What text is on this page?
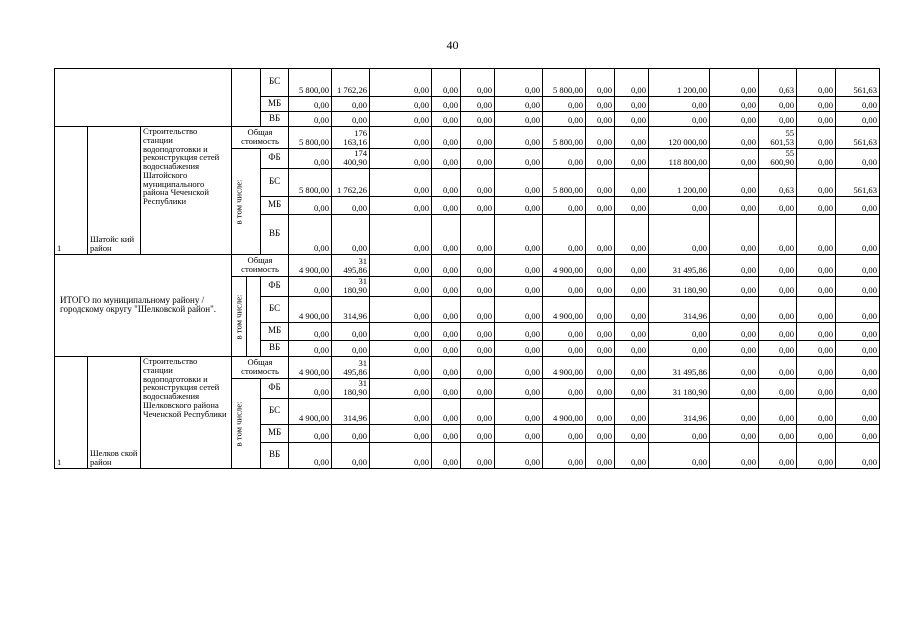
40
					БС	5 800,00	1 762,26	0,00	0,00	0,00	0,00	5 800,00	0,00	0,00	1 200,00	0,00	0,63	0,00	561,63
					МБ	0,00	0,00	0,00	0,00	0,00	0,00	0,00	0,00	0,00	0,00	0,00	0,00	0,00	0,00
					ВБ	0,00	0,00	0,00	0,00	0,00	0,00	0,00	0,00	0,00	0,00	0,00	0,00	0,00	0,00
1	Шатойс кий район	Строительство станции водоподготовки и реконструкция сетей водоснабжения Шатойского муниципального района Чеченской Республики	Общая стоимость			5 800,00	176 163,16	0,00	0,00	0,00	0,00	5 800,00	0,00	0,00	120 000,00	0,00	55 601,53	0,00	561,63

			в том числе:		ФБ	0,00	174 400,90	0,00	0,00	0,00	0,00	0,00	0,00	0,00	118 800,00	0,00	55 600,90	0,00	0,00
					БС	5 800,00	1 762,26	0,00	0,00	0,00	0,00	5 800,00	0,00	0,00	1 200,00	0,00	0,63	0,00	561,63
					МБ	0,00	0,00	0,00	0,00	0,00	0,00	0,00	0,00	0,00	0,00	0,00	0,00	0,00	0,00
					ВБ	0,00	0,00	0,00	0,00	0,00	0,00	0,00	0,00	0,00	0,00	0,00	0,00	0,00	0,00
ИТОГО по муниципальному району / городскому округу "Шелковской район".			Общая стоимость			4 900,00	31 495,86	0,00	0,00	0,00	0,00	4 900,00	0,00	0,00	31 495,86	0,00	0,00	0,00	0,00

			в том числе:		ФБ	0,00	31 180,90	0,00	0,00	0,00	0,00	0,00	0,00	0,00	31 180,90	0,00	0,00	0,00	0,00
					БС	4 900,00	314,96	0,00	0,00	0,00	0,00	4 900,00	0,00	0,00	314,96	0,00	0,00	0,00	0,00
					МБ	0,00	0,00	0,00	0,00	0,00	0,00	0,00	0,00	0,00	0,00	0,00	0,00	0,00	0,00
					ВБ	0,00	0,00	0,00	0,00	0,00	0,00	0,00	0,00	0,00	0,00	0,00	0,00	0,00	0,00
1	Шелков ской район	Строительство станции водоподготовки и реконструкция сетей водоснабжения Шелковского района Чеченской Республики	Общая стоимость			4 900,00	31 495,86	0,00	0,00	0,00	0,00	4 900,00	0,00	0,00	31 495,86	0,00	0,00	0,00	0,00

			в том числе:		ФБ	0,00	31 180,90	0,00	0,00	0,00	0,00	0,00	0,00	0,00	31 180,90	0,00	0,00	0,00	0,00
					БС	4 900,00	314,96	0,00	0,00	0,00	0,00	4 900,00	0,00	0,00	314,96	0,00	0,00	0,00	0,00
					МБ	0,00	0,00	0,00	0,00	0,00	0,00	0,00	0,00	0,00	0,00	0,00	0,00	0,00	0,00
					ВБ	0,00	0,00	0,00	0,00	0,00	0,00	0,00	0,00	0,00	0,00	0,00	0,00	0,00	0,00
